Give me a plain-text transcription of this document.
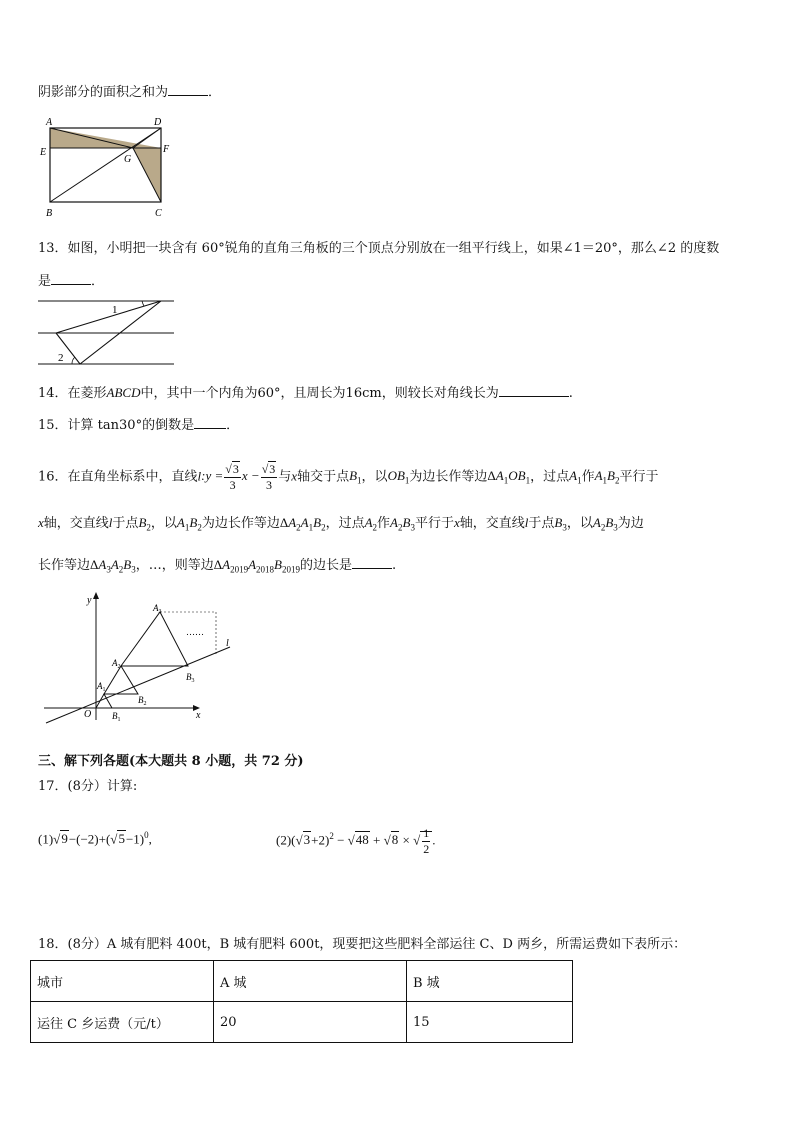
阴影部分的面积之和为	．
A	D
E	F
G
B	C
13．如图，小明把一块含有 60°锐角的直角三角板的三个顶点分别放在一组平行线上，如果∠1＝20°，那么∠2 的度数
是	．
1
2
14．在菱形ABCD中，其中一个内角为60°，且周长为16cm，则较长对角线长为	.
15．计算 tan30°的倒数是 ．
16．在直角坐标系中，直线l:y = $\frac{√3}{3}$ $x - \frac{√3}{3}$ 与x轴交于点$B_1$，以$OB_1$为边长作等边$\Delta A_1OB_1$，过点$A_1$作$A_1B_2$平行于
x轴，交直线l于点$B_2$，以$A_1B_2$为边长作等边$\Delta A_2A_1B_2$，过点$A_2$作$A_2B_3$平行于x轴，交直线l于点$B_3$，以$A_2B_3$为边
长作等边$\Delta A_3A_2B_3$，…，则等边$\Delta A_{2019}A_{2018}B_{2019}$的边长是	.
y
x
O
l
$A_1$
$A_2$
$A_3$
$B_1$
$B_2$
$B_3$
……
三、解下列各题(本大题共 8 小题，共 72 分)
17．(8分）计算:
$(1)√9-(-2)+(√5-1)^0$,	$(2)(√3+2)^2 - √48 + √8$ × √ $\frac{1}{2}$ .
18．(8分）A 城有肥料 400t，B 城有肥料 600t，现要把这些肥料全部运往 C、D 两乡，所需运费如下表所示：
城市	A 城	B 城
运往 C 乡运费（元/t）	20	15
